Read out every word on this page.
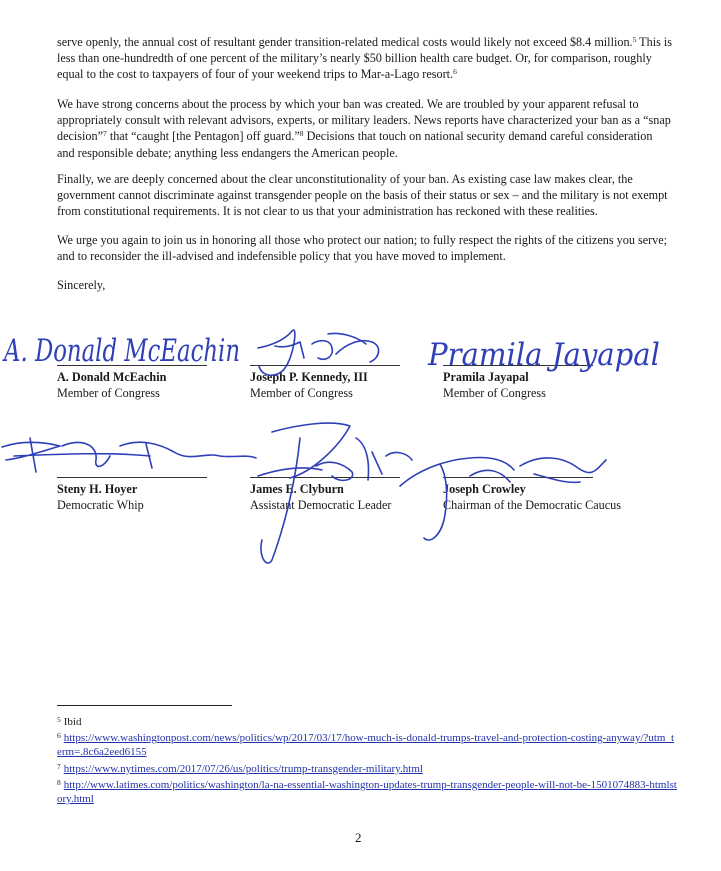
serve openly, the annual cost of resultant gender transition-related medical costs would likely not exceed $8.4 million.$^5$ This is less than one-hundredth of one percent of the military’s nearly $50 billion health care budget. Or, for comparison, roughly equal to the cost to taxpayers of four of your weekend trips to Mar-a-Lago resort.$^6$

We have strong concerns about the process by which your ban was created. We are troubled by your apparent refusal to appropriately consult with relevant advisors, experts, or military leaders. News reports have characterized your ban as a “snap decision”$^7$ that “caught [the Pentagon] off guard.”$^8$ Decisions that touch on national security demand careful consideration and responsible debate; anything less endangers the American people.

Finally, we are deeply concerned about the clear unconstitutionality of your ban. As existing case law makes clear, the government cannot discriminate against transgender people on the basis of their status or sex – and the military is not exempt from constitutional requirements. It is not clear to us that your administration has reckoned with these realities.

We urge you again to join us in honoring all those who protect our nation; to fully respect the rights of the citizens you serve; and to reconsider the ill-advised and indefensible policy that you have moved to implement.

Sincerely,

A. Donald McEachin
Member of Congress
Joseph P. Kennedy, III
Member of Congress
Pramila Jayapal
Member of Congress
Steny H. Hoyer
Democratic Whip
James E. Clyburn
Assistant Democratic Leader
Joseph Crowley
Chairman of the Democratic Caucus
A. Donald McEachin	Pramila Jayapal

$^5$ Ibid

$^6$ https://www.washingtonpost.com/news/politics/wp/2017/03/17/how-much-is-donald-trumps-travel-and-protection-costing-anyway/?utm_term=.8c6a2eed6155

$^7$ https://www.nytimes.com/2017/07/26/us/politics/trump-transgender-military.html

$^8$ http://www.latimes.com/politics/washington/la-na-essential-washington-updates-trump-transgender-people-will-not-be-1501074883-htmlstory.html

2
